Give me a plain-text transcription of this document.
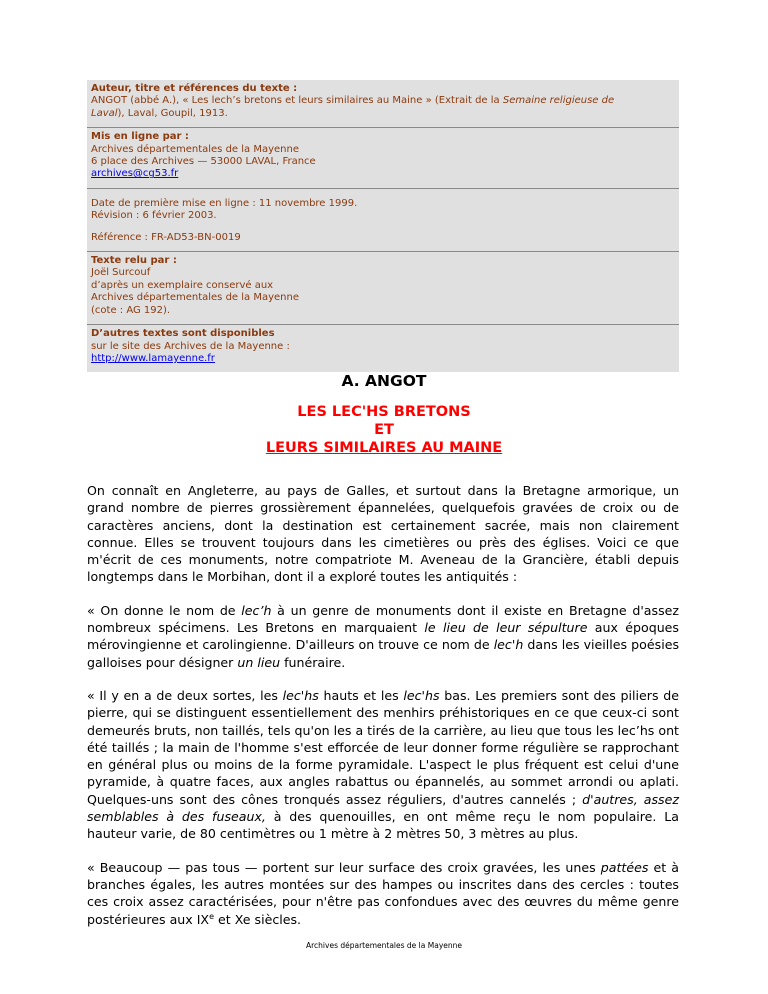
Auteur, titre et références du texte :
ANGOT (abbé A.), « Les lech’s bretons et leurs similaires au Maine » (Extrait de la Semaine religieuse de
Laval), Laval, Goupil, 1913.
Mis en ligne par :
Archives départementales de la Mayenne
6 place des Archives — 53000 LAVAL, France
archives@cg53.fr
Date de première mise en ligne : 11 novembre 1999.
Révision : 6 février 2003.
Référence : FR-AD53-BN-0019
Texte relu par :
Joël Surcouf
d’après un exemplaire conservé aux
Archives départementales de la Mayenne
(cote : AG 192).
D’autres textes sont disponibles
sur le site des Archives de la Mayenne :
http://www.lamayenne.fr
A. ANGOT
LES LEC'HS BRETONS
ET
LEURS SIMILAIRES AU MAINE

On connaît en Angleterre, au pays de Galles, et surtout dans la Bretagne armorique, un grand nombre de pierres grossièrement épannelées, quelquefois gravées de croix ou de caractères anciens, dont la destination est certainement sacrée, mais non clairement connue. Elles se trouvent toujours dans les cimetières ou près des églises. Voici ce que m'écrit de ces monuments, notre compatriote M. Aveneau de la Grancière, établi depuis longtemps dans le Morbihan, dont il a exploré toutes les antiquités :

« On donne le nom de lec’h à un genre de monuments dont il existe en Bretagne d'assez nombreux spécimens. Les Bretons en marquaient le lieu de leur sépulture aux époques mérovingienne et carolingienne. D'ailleurs on trouve ce nom de lec'h dans les vieilles poésies galloises pour désigner un lieu funéraire.

« Il y en a de deux sortes, les lec'hs hauts et les lec'hs bas. Les premiers sont des piliers de pierre, qui se distinguent essentiellement des menhirs préhistoriques en ce que ceux-ci sont demeurés bruts, non taillés, tels qu'on les a tirés de la carrière, au lieu que tous les lec’hs ont été taillés ; la main de l'homme s'est efforcée de leur donner forme régulière se rapprochant en général plus ou moins de la forme pyramidale. L'aspect le plus fréquent est celui d'une pyramide, à quatre faces, aux angles rabattus ou épannelés, au sommet arrondi ou aplati. Quelques-uns sont des cônes tronqués assez réguliers, d'autres cannelés ; d'autres, assez semblables à des fuseaux, à des quenouilles, en ont même reçu le nom populaire. La hauteur varie, de 80 centimètres ou 1 mètre à 2 mètres 50, 3 mètres au plus.

« Beaucoup — pas tous — portent sur leur surface des croix gravées, les unes pattées et à branches égales, les autres montées sur des hampes ou inscrites dans des cercles : toutes ces croix assez caractérisées, pour n'être pas confondues avec des œuvres du même genre postérieures aux IXe et Xe siècles.

Archives départementales de la Mayenne
